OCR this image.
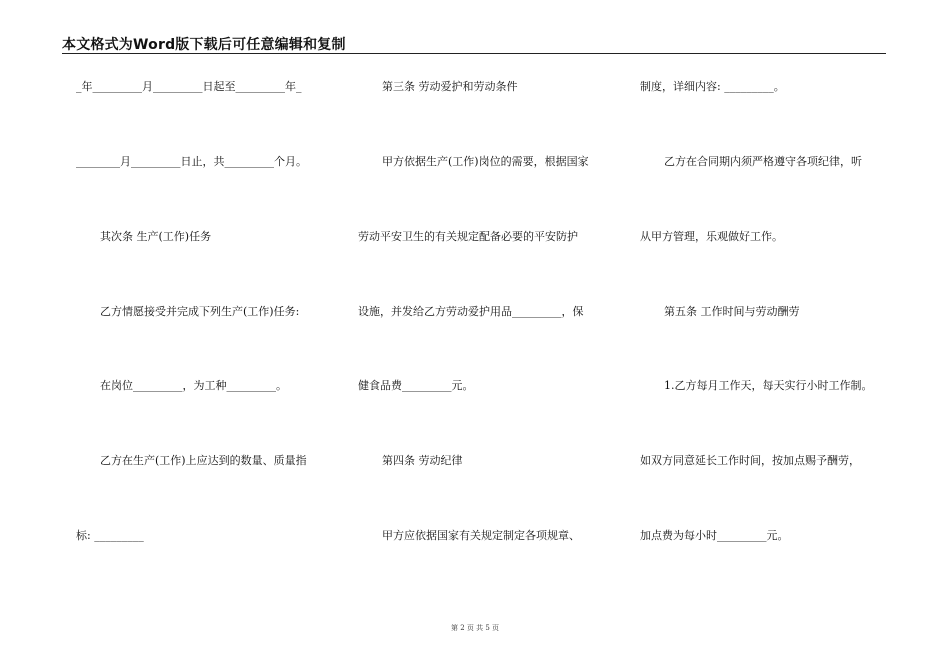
本文格式为Word版下载后可任意编辑和复制
_年_________月_________日起至_________年_
________月_________日止，共_________个月。
其次条 生产(工作)任务
乙方情愿接受并完成下列生产(工作)任务:
在岗位_________，为工种_________。
乙方在生产(工作)上应达到的数量、质量指
标: _________
第三条 劳动爱护和劳动条件
甲方依据生产(工作)岗位的需要，根据国家
劳动平安卫生的有关规定配备必要的平安防护
设施，并发给乙方劳动爱护用品_________，保
健食品费_________元。
第四条 劳动纪律
甲方应依据国家有关规定制定各项规章、
制度，详细内容: _________。
乙方在合同期内须严格遵守各项纪律，听
从甲方管理，乐观做好工作。
第五条 工作时间与劳动酬劳
1.乙方每月工作天，每天实行小时工作制。
如双方同意延长工作时间，按加点赐予酬劳，
加点费为每小时_________元。
第 2 页 共 5 页
